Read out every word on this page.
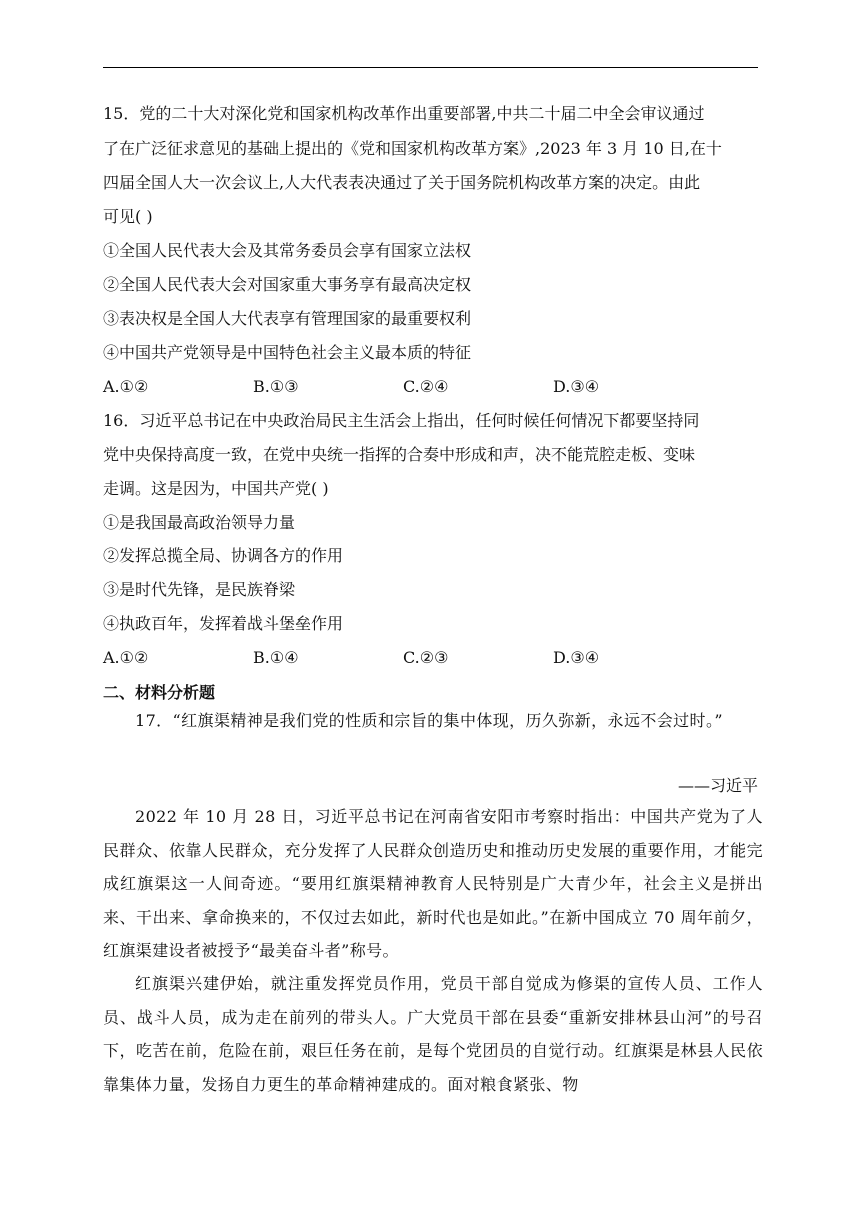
15．党的二十大对深化党和国家机构改革作出重要部署,中共二十届二中全会审议通过
了在广泛征求意见的基础上提出的《党和国家机构改革方案》,2023 年 3 月 10 日,在十
四届全国人大一次会议上,人大代表表决通过了关于国务院机构改革方案的决定。由此
可见( )
①全国人民代表大会及其常务委员会享有国家立法权
②全国人民代表大会对国家重大事务享有最高决定权
③表决权是全国人大代表享有管理国家的最重要权利
④中国共产党领导是中国特色社会主义最本质的特征
A.①②	B.①③	C.②④	D.③④
16．习近平总书记在中央政治局民主生活会上指出，任何时候任何情况下都要坚持同
党中央保持高度一致，在党中央统一指挥的合奏中形成和声，决不能荒腔走板、变味
走调。这是因为，中国共产党( )
①是我国最高政治领导力量
②发挥总揽全局、协调各方的作用
③是时代先锋，是民族脊梁
④执政百年，发挥着战斗堡垒作用
A.①②	B.①④	C.②③	D.③④
二、材料分析题

17．“红旗渠精神是我们党的性质和宗旨的集中体现，历久弥新，永远不会过时。”

——习近平

2022 年 10 月 28 日，习近平总书记在河南省安阳市考察时指出：中国共产党为了人民群众、依靠人民群众，充分发挥了人民群众创造历史和推动历史发展的重要作用，才能完成红旗渠这一人间奇迹。“要用红旗渠精神教育人民特别是广大青少年，社会主义是拼出来、干出来、拿命换来的，不仅过去如此，新时代也是如此。”在新中国成立 70 周年前夕，红旗渠建设者被授予“最美奋斗者”称号。

红旗渠兴建伊始，就注重发挥党员作用，党员干部自觉成为修渠的宣传人员、工作人员、战斗人员，成为走在前列的带头人。广大党员干部在县委“重新安排林县山河”的号召下，吃苦在前，危险在前，艰巨任务在前，是每个党团员的自觉行动。红旗渠是林县人民依靠集体力量，发扬自力更生的革命精神建成的。面对粮食紧张、物
